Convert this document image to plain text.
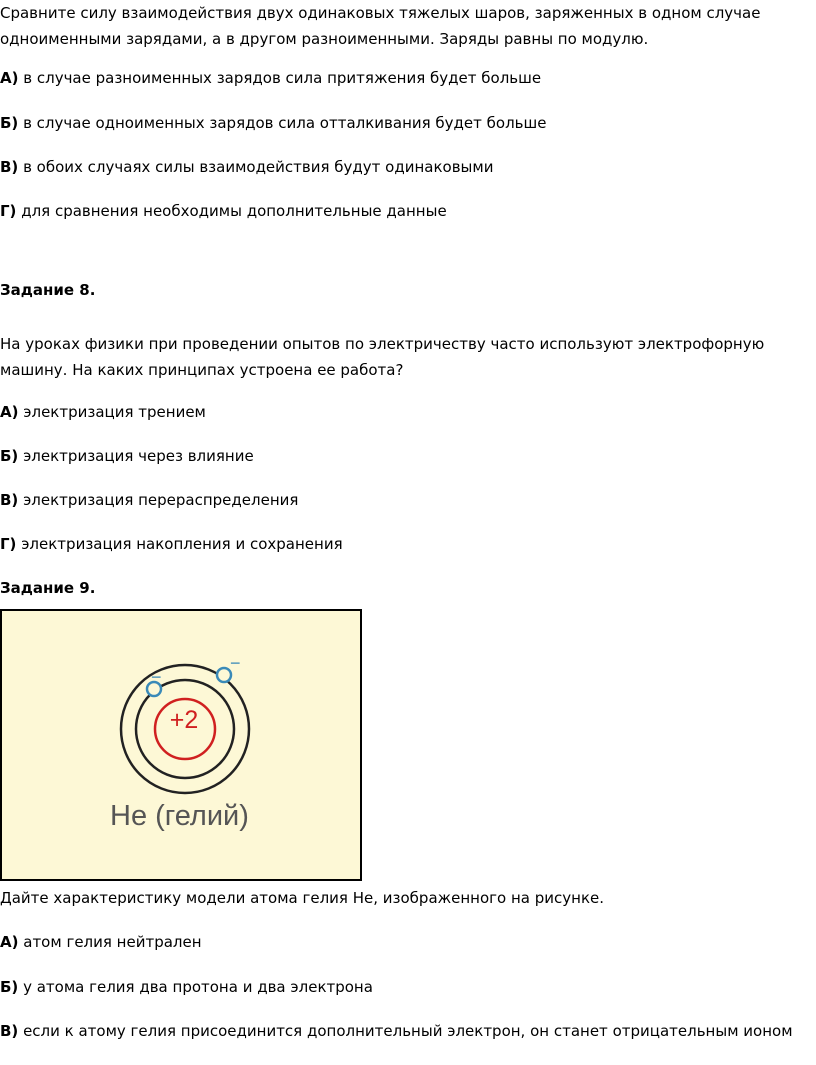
Сравните силу взаимодействия двух одинаковых тяжелых шаров, заряженных в одном случае одноименными зарядами, а в другом разноименными. Заряды равны по модулю.
А) в случае разноименных зарядов сила притяжения будет больше
Б) в случае одноименных зарядов сила отталкивания будет больше
В) в обоих случаях силы взаимодействия будут одинаковыми
Г) для сравнения необходимы дополнительные данные
Задание 8.
На уроках физики при проведении опытов по электричеству часто используют электрофорную машину. На каких принципах устроена ее работа?
А) электризация трением
Б) электризация через влияние
В) электризация перераспределения
Г) электризация накопления и сохранения
Задание 9.
−
−
+2
He (гелий)
Дайте характеристику модели атома гелия He, изображенного на рисунке.
А) атом гелия нейтрален
Б) у атома гелия два протона и два электрона
В) если к атому гелия присоединится дополнительный электрон, он станет отрицательным ионом
